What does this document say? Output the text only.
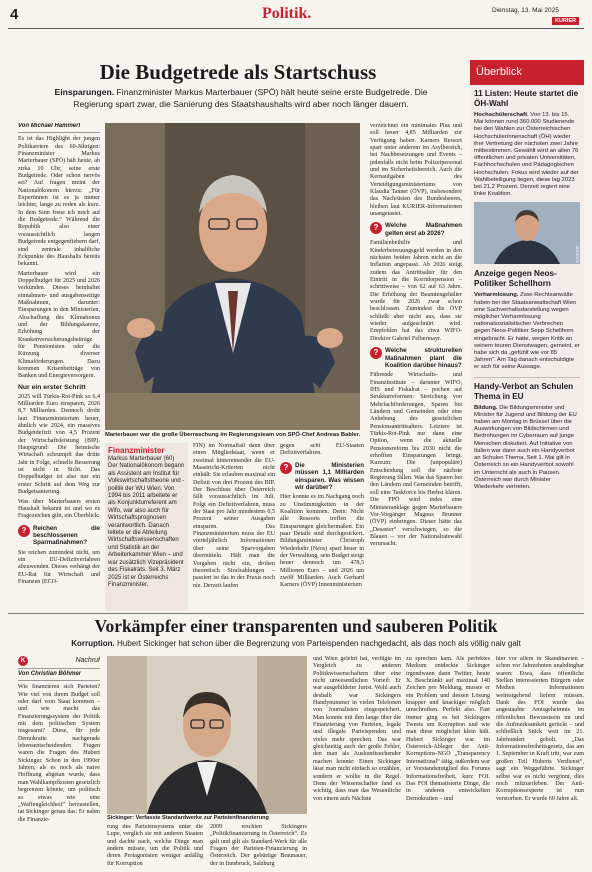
4	Politik.	Dienstag, 13. Mai 2025
KURIER
Die Budgetrede als Startschuss
Einsparungen. Finanzminister Markus Marterbauer (SPÖ) hält heute seine erste Budgetrede. Die Regierung spart zwar, die Sanierung des Staatshaushalts wird aber noch länger dauern.
Von Michael Hammerl

Es ist das Highlight der jungen Politkarriere des 60-Jährigen: Finanzminister Markus Marterbauer (SPÖ) hält heute, ab zirka 10 Uhr, seine erste Budgetrede. Oder schon nervös sei? Auf fragen meint der Nationalökonom hierzu: „Für Expertinnen ist es ja immer leichter, lange zu reden als kurz. In dem Sinn freue ich mich auf die Budgetrede.“ Während die Republik also einer voraussichtlich langen Budgetrede entgegenfiebern darf, sind zentrale inhaltliche Eckpunkte des Haushalts bereits bekannt.

Marterbauer wird ein Doppelbudget für 2025 und 2026 verkünden. Dieses beinhaltet einnahmen- und ausgabenseitige Maßnahmen, darunter: Einsparungen in den Ministerien, Abschaffung des Klimabonus und der Bildungskarenz, Erhöhung der Krankenversicherungsbeiträge für Pensionisten oder die Kürzung diverser Klimaförderungen. Dazu kommen Krisenbeiträge von Banken und Energieversorgern.

Nur ein erster Schritt

2025 will Türkis-Rot-Pink so 6,4 Milliarden Euro einsparen, 2026 8,7 Milliarden. Dennoch droht laut Finanzministerium heuer, ähnlich wie 2024, ein massives Budgetdefizit von 4,5 Prozent der Wirtschaftsleistung (BIP). Hauptgrund: Die heimische Wirtschaft schrumpft das dritte Jahr in Folge, schnelle Besserung ist nicht in Sicht. Das Doppelbudget ist also nur ein erster Schritt auf dem Weg zur Budgetsanierung.

Was über Marterbauers ersten Haushalt bekannt ist und wo es Fragezeichen gibt, ein Überblick:

?	Reichen die beschlossenen Sparmaßnahmen?

Sie reichen zumindest nicht, um ein EU-Defizitverfahren abzuwenden. Dieses verhängt der EU-Rat für Wirtschaft und Finanzen (ECO-

Marterbauer war die große Überraschung im Regierungsteam von SPÖ-Chef Andreas Babler.
Finanzminister
Markus Marterbauer (60) Der Nationalökonom begann als Assistent am Institut für Volkswirtschaftstheorie und -politik der WU Wien. Von 1994 bis 2011 arbeitete er als Konjunkturreferent am Wifo, war also auch für Wirtschaftsprognosen verantwortlich. Danach leitete er die Abteilung Wirtschaftswissenschaften und Statistik an der Arbeiterkammer Wien – und war zusätzlich Vizepräsident des Fiskalrats. Seit 3. März 2025 ist er Österreichs Finanzminister.

FIN) im Normalfall dann über einen Mitgliedstaat, wenn er zweimal hintereinander die EU-Maastricht-Kriterien nicht einhält: Sie erlauben maximal ein Defizit von drei Prozent des BIP. Der Beschluss über Österreich fällt voraussichtlich im Juli. Folgt ein Defizitverfahren, muss der Staat pro Jahr mindestens 0,5 Prozent seiner Ausgaben einsparen. Das Finanzministerium muss der EU vierteljährlich Informationen über seine Sparvorgaben übermitteln. Hält man die Vorgaben nicht ein, drohen theoretisch Strafzahlungen – passiert ist das in der Praxis noch nie. Derzeit laufen

gegen acht EU-Staaten Defizitverfahren.

?	Die Ministerien müssen 1,1 Milliarden einsparen. Was wissen wir darüber?

Hier konnte es im Nachgang noch zu Unstimmigkeiten in der Koalition kommen. Denn: Nicht alle Ressorts treffen die Einsparungen gleichermaßen. Ein paar Details sind durchgesickert. Bildungsminister Christoph Wiederkehr (Neos) spart heuer in der Verwaltung, sein Budget steigt heuer dennoch um 478,5 Millionen Euro – und 2026 um zwölf Milliarden. Auch Gerhard Karners (ÖVP) Innenministerium

verzeichnet ein minimales Plus und soll heuer 4,85 Milliarden zur Verfügung haben. Karners Ressort spart unter anderem im Asylbereich, bei Nachbesetzungen und Events – jedenfalls nicht beim Polizeipersonal und im Sicherheitsbereich. Auch die Kernaufgaben des Verteidigungsministeriums von Klaudia Tanner (ÖVP), insbesondere das Nachrüsten des Bundesheeres, bleiben laut KURIER-Informationen unangetastet.

?	Welche Maßnahmen gelten erst ab 2026?

Familienbeihilfe und Kinderbetreuungsgeld werden in den nächsten beiden Jahren nicht an die Inflation angepasst. Ab 2026 steigt zudem das Antrittsalter für den Eintritt in die Korridorpension – schrittweise – von 62 auf 63 Jahre. Die Erhöhung der Beamtengehälter wurde für 2026 zwar schon beschlossen. Zumindest die ÖVP schließt aber nicht aus, dass sie wieder aufgeschnürt wird. Empfohlen hat das etwa WIFO-Direktor Gabriel Felbermayr.

?	Welche strukturellen Maßnahmen plant die Koalition darüber hinaus?

Führende Wirtschafts- und Finanzinstitute – darunter WIFO, IHS und Fiskalrat – pochen auf Strukturreformen: Streichung von Mehrfachförderungen, Sparen bei Ländern und Gemeinden oder eine Anhebung des gesetzlichen Pensionsantrittsalters. Letztere ist Türkis-Rot-Pink nur dann eine Option, wenn die aktuelle Pensionsreform bis 2030 nicht die erhofften Einsparungen bringt. Kurzum: Die (unpopuläre) Entscheidung soll die nächste Regierung fällen. Was das Sparen bei den Ländern und Gemeinden betrifft, soll eine Taskforce bis Herbst klären. Die FPÖ wird indes eine Ministeranklage gegen Marterbauers Vor-Vorgänger Magnus Brunner (ÖVP) einbringen. Dieser hätte das „Desaster“ verschwiegen, so die Blauen – vor der Nationalratswahl verursacht.

Überblick
11 Listen: Heute startet die ÖH-Wahl
Hochschülerschaft. Von 13. bis 15. Mai können rund 360.000 Studierende bei den Wahlen zur Österreichischen HochschülerInnenschaft (ÖH) wieder ihre Vertretung der nächsten zwei Jahre mitbestimmen. Gewählt wird an allen 76 öffentlichen und privaten Universitäten, Fachhochschulen und Pädagogischen Hochschulen. Fokus wird wieder auf der Wahlbeteiligung liegen, diese lag 2023 bei 21,2 Prozent. Derzeit regiert eine linke Koalition.
APA/EXPA
Anzeige gegen Neos-Politiker Schellhorn
Verharmlosung. Zwei Rechtsanwälte haben bei der Staatsanwaltschaft Wien eine Sachverhaltsdarstellung wegen möglicher Verharmlosung nationalsozialistischer Verbrechen gegen Neos-Politiker Sepp Schellhorn eingebracht. Er hatte, wegen Kritik an seinem teuren Dienstwagen, gemeint, er habe sich da „gefühlt wie vor 85 Jahren“. Am Tag danach entschuldigte er sich für seine Aussage.
Handy-Verbot an Schulen Thema in EU
Bildung. Die Bildungsminister und Minister für Jugend und Bildung der EU haben am Montag in Brüssel über die Auswirkungen von Bildschirmen und Bedrohungen im Cyberraum auf junge Menschen diskutiert. Auf Initiative von Italien war dann auch ein Handyverbot an Schulen Thema. Seit 1. Mai gilt in Österreich so ein Handyverbot sowohl im Unterricht als auch in Pausen. Österreich war durch Minister Wiederkehr vertreten.
Vorkämpfer einer transparenten und sauberen Politik
Korruption. Hubert Sickinger hat schon über die Begrenzung von Parteispenden nachgedacht, als das noch als völlig naiv galt
K	Nachruf
Von Christian Böhmer

Wie finanzieren sich Parteien? Wie viel von ihrem Budget soll oder darf vom Staat kommen – und wie macht das Finanzierungssystem der Politik mit dem politischen System insgesamt? Diese, für jede Demokratie nachgerade lebensentscheidenden Fragen waren die Fragen des Hubert Sickinger. Schon in den 1990er Jahren, als es noch als naive Hoffnung abgetan wurde, dass man Wahlkampfkosten gesetzlich begrenzen könnte, um politisch so etwas wie eine „Waffengleichheit“ herzustellen, tat Sickinger genau das: Er nahm die Finanzie-	Sickinger: Verfasste Standardwerke zur Parteienfinanzierung

rung des Parteiensystems unter die Lupe, verglich sie mit anderen Staaten und dachte nach, welche Dinge man ändern müsste, um die Politik und deren Protagonisten weniger anfällig für Korruption

2009 erschien Sickingers „Politikfinanzierung in Österreich“. Es galt und gilt als Standard-Werk für alle Fragen der Parteien-Finanzierung in Österreich. Der gebürtige Braunauer, der in Innsbruck, Salzburg

und Wien gelehrt hat, verfügte im Vergleich zu anderen Politikwissenschaftern über eine nicht unwesentlichen Vorteil: Er war ausgebildeter Jurist. Wohl auch deshalb war Sickingers Handynummer in vielen Telefonen von Journalisten eingespeichert. Man konnte mit ihm lange über die Finanzierung von Parteien, legale und illegale Parteispenden und vieles mehr sprechen. Das war gleichzeitig auch der große Fehler, den man als Auskunftsuchender machen konnte: Einen Sickinger lässt man nicht einfach so erzählen, sondern er wollte in die Regel. Denn der Wissenschafter fand es wichtig, dass man das Wesentliche von einem aufs Nächste

zu sprechen kam. Als perfektes Medium entdeckte Sickinger irgendwann dann Twitter, heute X. Beschränkt auf maximal 140 Zeichen pro Meldung, musste er ein Problem und dessen Lösung knapper und knackiger möglich umschreiben. Perfekt also. Fast immer ging es bei Sickingers Tweets um Korruption und wie man diese möglichst klein hält. Hubert Sickinger war im Österreich-Ableger der Anti-Korruptions-NGO „Transparency International“ tätig, außerdem war er Vorstandsmitglied des Forums Informationsfreiheit, kurz FOI. Das FOI thematisierte Dinge, die in anderen entwickelten Demokratien – und

hier vor allem in Skandinavien – schon vor Jahrzehnten unabdingbar waren: Etwa, dass öffentliche Stellen interessierten Bürgern oder Medien Informationen weitestgehend liefern müssen. Dank des FOI wurde das angestaubte Amtsgeheimnis im öffentlichen Bewusstsein im und die Aufmerksamkeit gerückt – und schließlich Stück weit im 21. Jahrhundert geholt. „Das Informationsfreiheitsgesetz, das am 1. September in Kraft tritt, war zum großen Teil Huberts Verdienst“, sagt ein Weggefährte. Sickinger selbst war es nicht vergönnt, dies noch mitzuerleben. Der Anti-Korruptionsexperte ist nun verstorben. Er wurde 60 Jahre alt.
